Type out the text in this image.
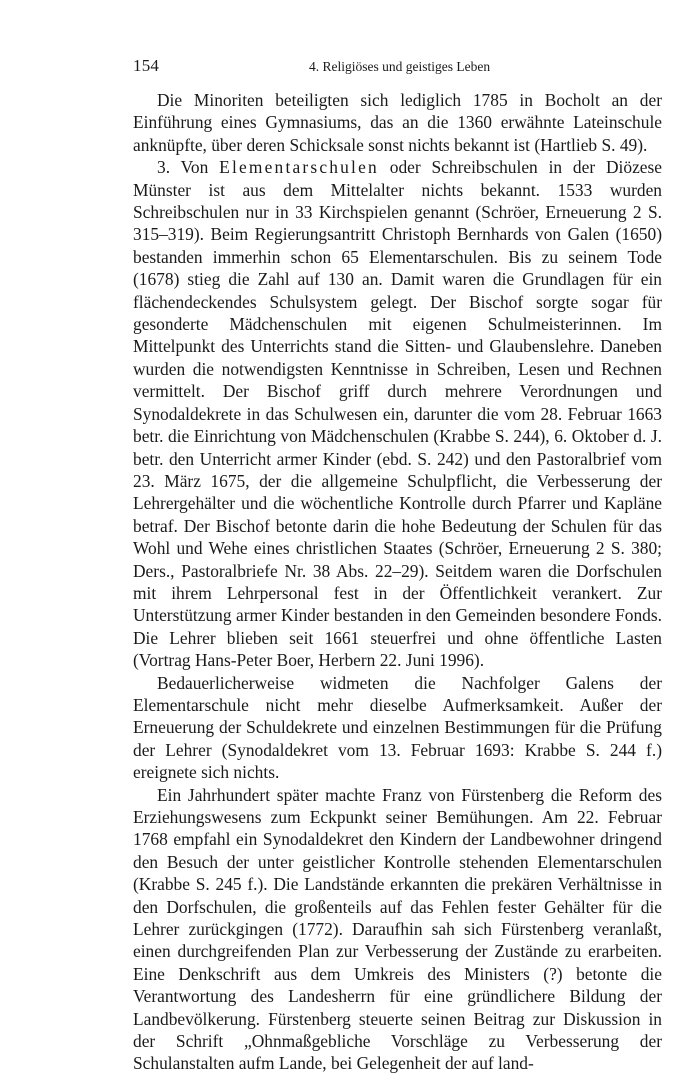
154	4. Religiöses und geistiges Leben

Die Minoriten beteiligten sich lediglich 1785 in Bocholt an der Einführung eines Gymnasiums, das an die 1360 erwähnte Lateinschule anknüpfte, über deren Schicksale sonst nichts bekannt ist (Hartlieb S. 49).

3. Von Elementarschulen oder Schreibschulen in der Diözese Münster ist aus dem Mittelalter nichts bekannt. 1533 wurden Schreibschulen nur in 33 Kirchspielen genannt (Schröer, Erneuerung 2 S. 315–319). Beim Regierungsantritt Christoph Bernhards von Galen (1650) bestanden immerhin schon 65 Elementarschulen. Bis zu seinem Tode (1678) stieg die Zahl auf 130 an. Damit waren die Grundlagen für ein flächendeckendes Schulsystem gelegt. Der Bischof sorgte sogar für gesonderte Mädchenschulen mit eigenen Schulmeisterinnen. Im Mittelpunkt des Unterrichts stand die Sitten- und Glaubenslehre. Daneben wurden die notwendigsten Kenntnisse in Schreiben, Lesen und Rechnen vermittelt. Der Bischof griff durch mehrere Verordnungen und Synodaldekrete in das Schulwesen ein, darunter die vom 28. Februar 1663 betr. die Einrichtung von Mädchenschulen (Krabbe S. 244), 6. Oktober d. J. betr. den Unterricht armer Kinder (ebd. S. 242) und den Pastoralbrief vom 23. März 1675, der die allgemeine Schulpflicht, die Verbesserung der Lehrergehälter und die wöchentliche Kontrolle durch Pfarrer und Kapläne betraf. Der Bischof betonte darin die hohe Bedeutung der Schulen für das Wohl und Wehe eines christlichen Staates (Schröer, Erneuerung 2 S. 380; Ders., Pastoralbriefe Nr. 38 Abs. 22–29). Seitdem waren die Dorfschulen mit ihrem Lehrpersonal fest in der Öffentlichkeit verankert. Zur Unterstützung armer Kinder bestanden in den Gemeinden besondere Fonds. Die Lehrer blieben seit 1661 steuerfrei und ohne öffentliche Lasten (Vortrag Hans-Peter Boer, Herbern 22. Juni 1996).

Bedauerlicherweise widmeten die Nachfolger Galens der Elementarschule nicht mehr dieselbe Aufmerksamkeit. Außer der Erneuerung der Schuldekrete und einzelnen Bestimmungen für die Prüfung der Lehrer (Synodaldekret vom 13. Februar 1693: Krabbe S. 244 f.) ereignete sich nichts.

Ein Jahrhundert später machte Franz von Fürstenberg die Reform des Erziehungswesens zum Eckpunkt seiner Bemühungen. Am 22. Februar 1768 empfahl ein Synodaldekret den Kindern der Landbewohner dringend den Besuch der unter geistlicher Kontrolle stehenden Elementarschulen (Krabbe S. 245 f.). Die Landstände erkannten die prekären Verhältnisse in den Dorfschulen, die großenteils auf das Fehlen fester Gehälter für die Lehrer zurückgingen (1772). Daraufhin sah sich Fürstenberg veranlaßt, einen durchgreifenden Plan zur Verbesserung der Zustände zu erarbeiten. Eine Denkschrift aus dem Umkreis des Ministers (?) betonte die Verantwortung des Landesherrn für eine gründlichere Bildung der Landbevölkerung. Fürstenberg steuerte seinen Beitrag zur Diskussion in der Schrift „Ohnmaßgebliche Vorschläge zu Verbesserung der Schulanstalten aufm Lande, bei Gelegenheit der auf land-
